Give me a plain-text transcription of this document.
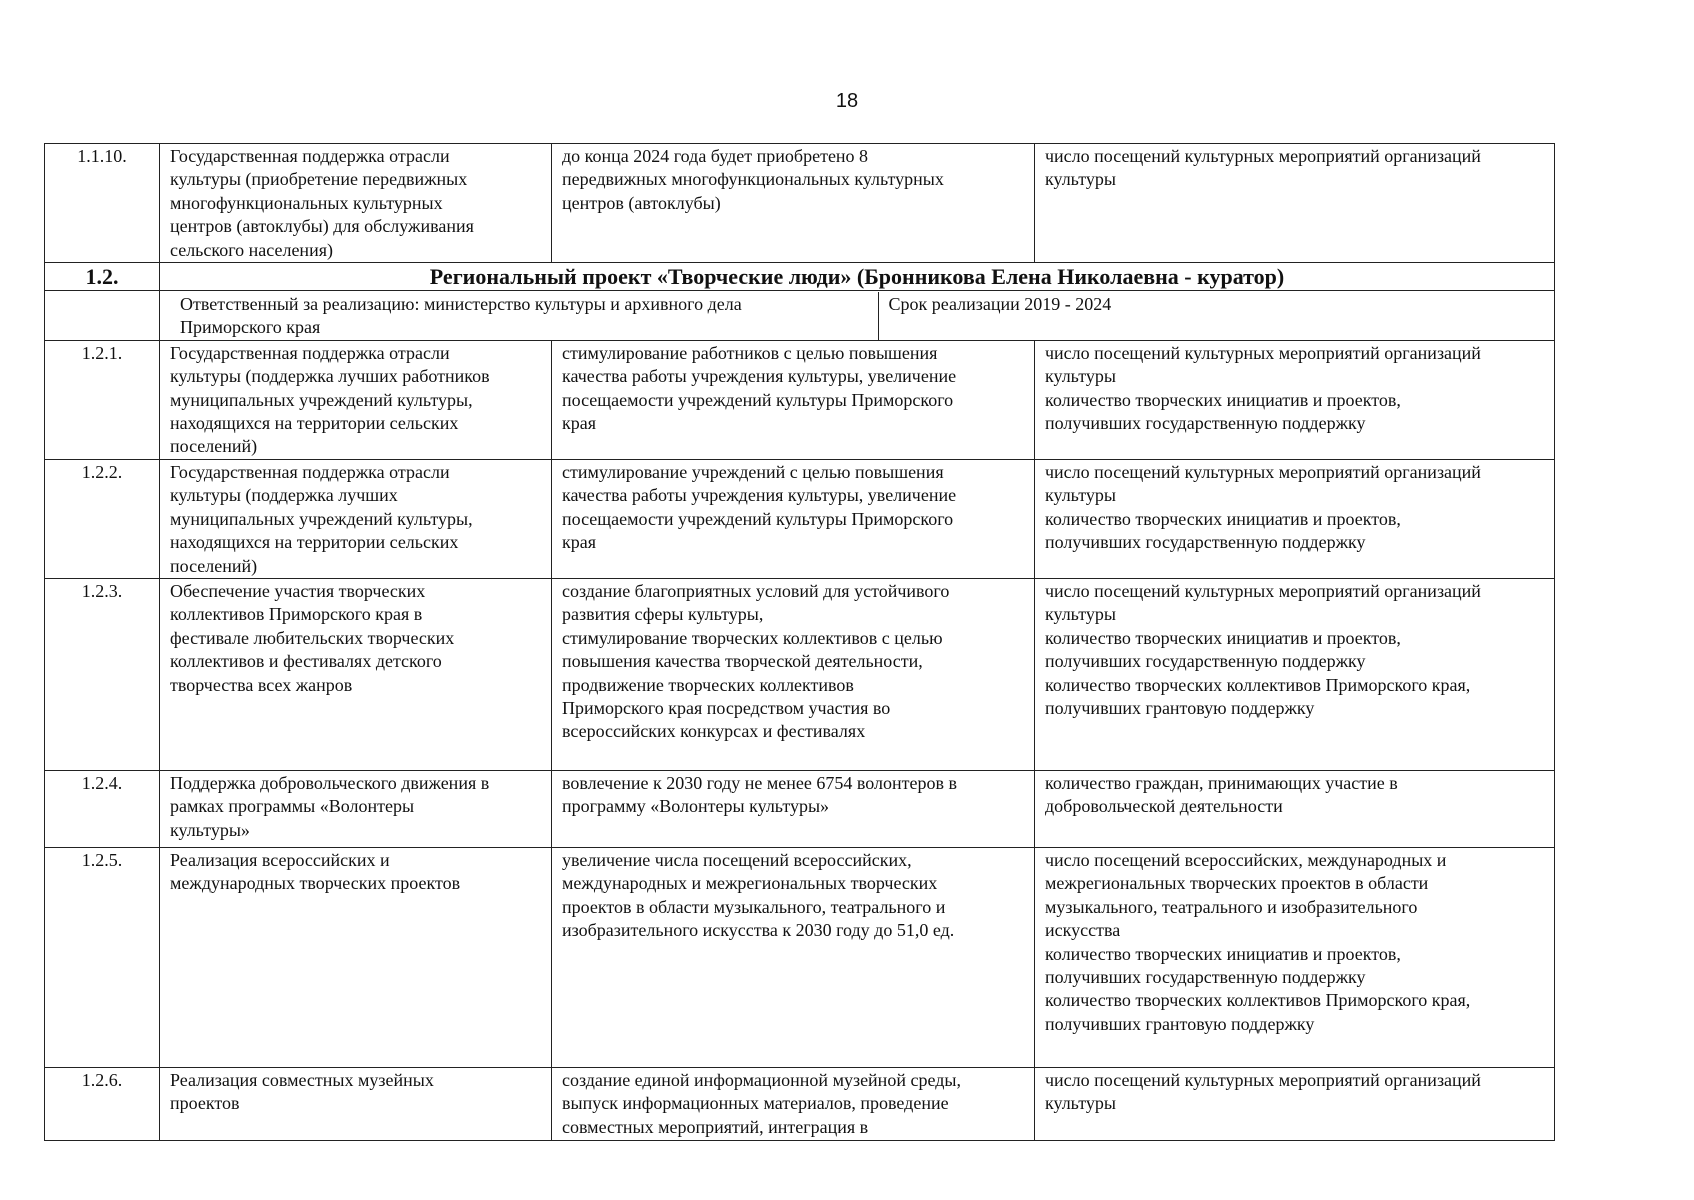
18
1.1.10.	Государственная поддержка отрасли
культуры (приобретение передвижных
многофункциональных культурных
центров (автоклубы) для обслуживания
сельского населения)

до конца 2024 года будет приобретено 8
передвижных многофункциональных культурных
центров (автоклубы)

число посещений культурных мероприятий организаций
культуры

1.2.	Региональный проект «Творческие люди» (Бронникова Елена Николаевна - куратор)

Ответственный за реализацию: министерство культуры и архивного дела
Приморского края
	Срок реализации 2019 - 2024

1.2.1.	Государственная поддержка отрасли
культуры (поддержка лучших работников
муниципальных учреждений культуры,
находящихся на территории сельских
поселений)

стимулирование работников с целью повышения
качества работы учреждения культуры, увеличение
посещаемости учреждений культуры Приморского
края

число посещений культурных мероприятий организаций
культуры
количество творческих инициатив и проектов,
получивших государственную поддержку

1.2.2.	Государственная поддержка отрасли
культуры (поддержка лучших
муниципальных учреждений культуры,
находящихся на территории сельских
поселений)

стимулирование учреждений с целью повышения
качества работы учреждения культуры, увеличение
посещаемости учреждений культуры Приморского
края

число посещений культурных мероприятий организаций
культуры
количество творческих инициатив и проектов,
получивших государственную поддержку

1.2.3.	Обеспечение участия творческих
коллективов Приморского края в
фестивале любительских творческих
коллективов и фестивалях детского
творчества всех жанров

создание благоприятных условий для устойчивого
развития сферы культуры,
стимулирование творческих коллективов с целью
повышения качества творческой деятельности,
продвижение творческих коллективов
Приморского края посредством участия во
всероссийских конкурсах и фестивалях

число посещений культурных мероприятий организаций
культуры
количество творческих инициатив и проектов,
получивших государственную поддержку
количество творческих коллективов Приморского края,
получивших грантовую поддержку

1.2.4.	Поддержка добровольческого движения в
рамках программы «Волонтеры
культуры»

вовлечение к 2030 году не менее 6754 волонтеров в
программу «Волонтеры культуры»

количество граждан, принимающих участие в
добровольческой деятельности

1.2.5.	Реализация всероссийских и
международных творческих проектов

увеличение числа посещений всероссийских,
международных и межрегиональных творческих
проектов в области музыкального, театрального и
изобразительного искусства к 2030 году до 51,0 ед.

число посещений всероссийских, международных и
межрегиональных творческих проектов в области
музыкального, театрального и изобразительного
искусства
количество творческих инициатив и проектов,
получивших государственную поддержку
количество творческих коллективов Приморского края,
получивших грантовую поддержку

1.2.6.	Реализация совместных музейных
проектов

создание единой информационной музейной среды,
выпуск информационных материалов, проведение
совместных мероприятий, интеграция в

число посещений культурных мероприятий организаций
культуры
